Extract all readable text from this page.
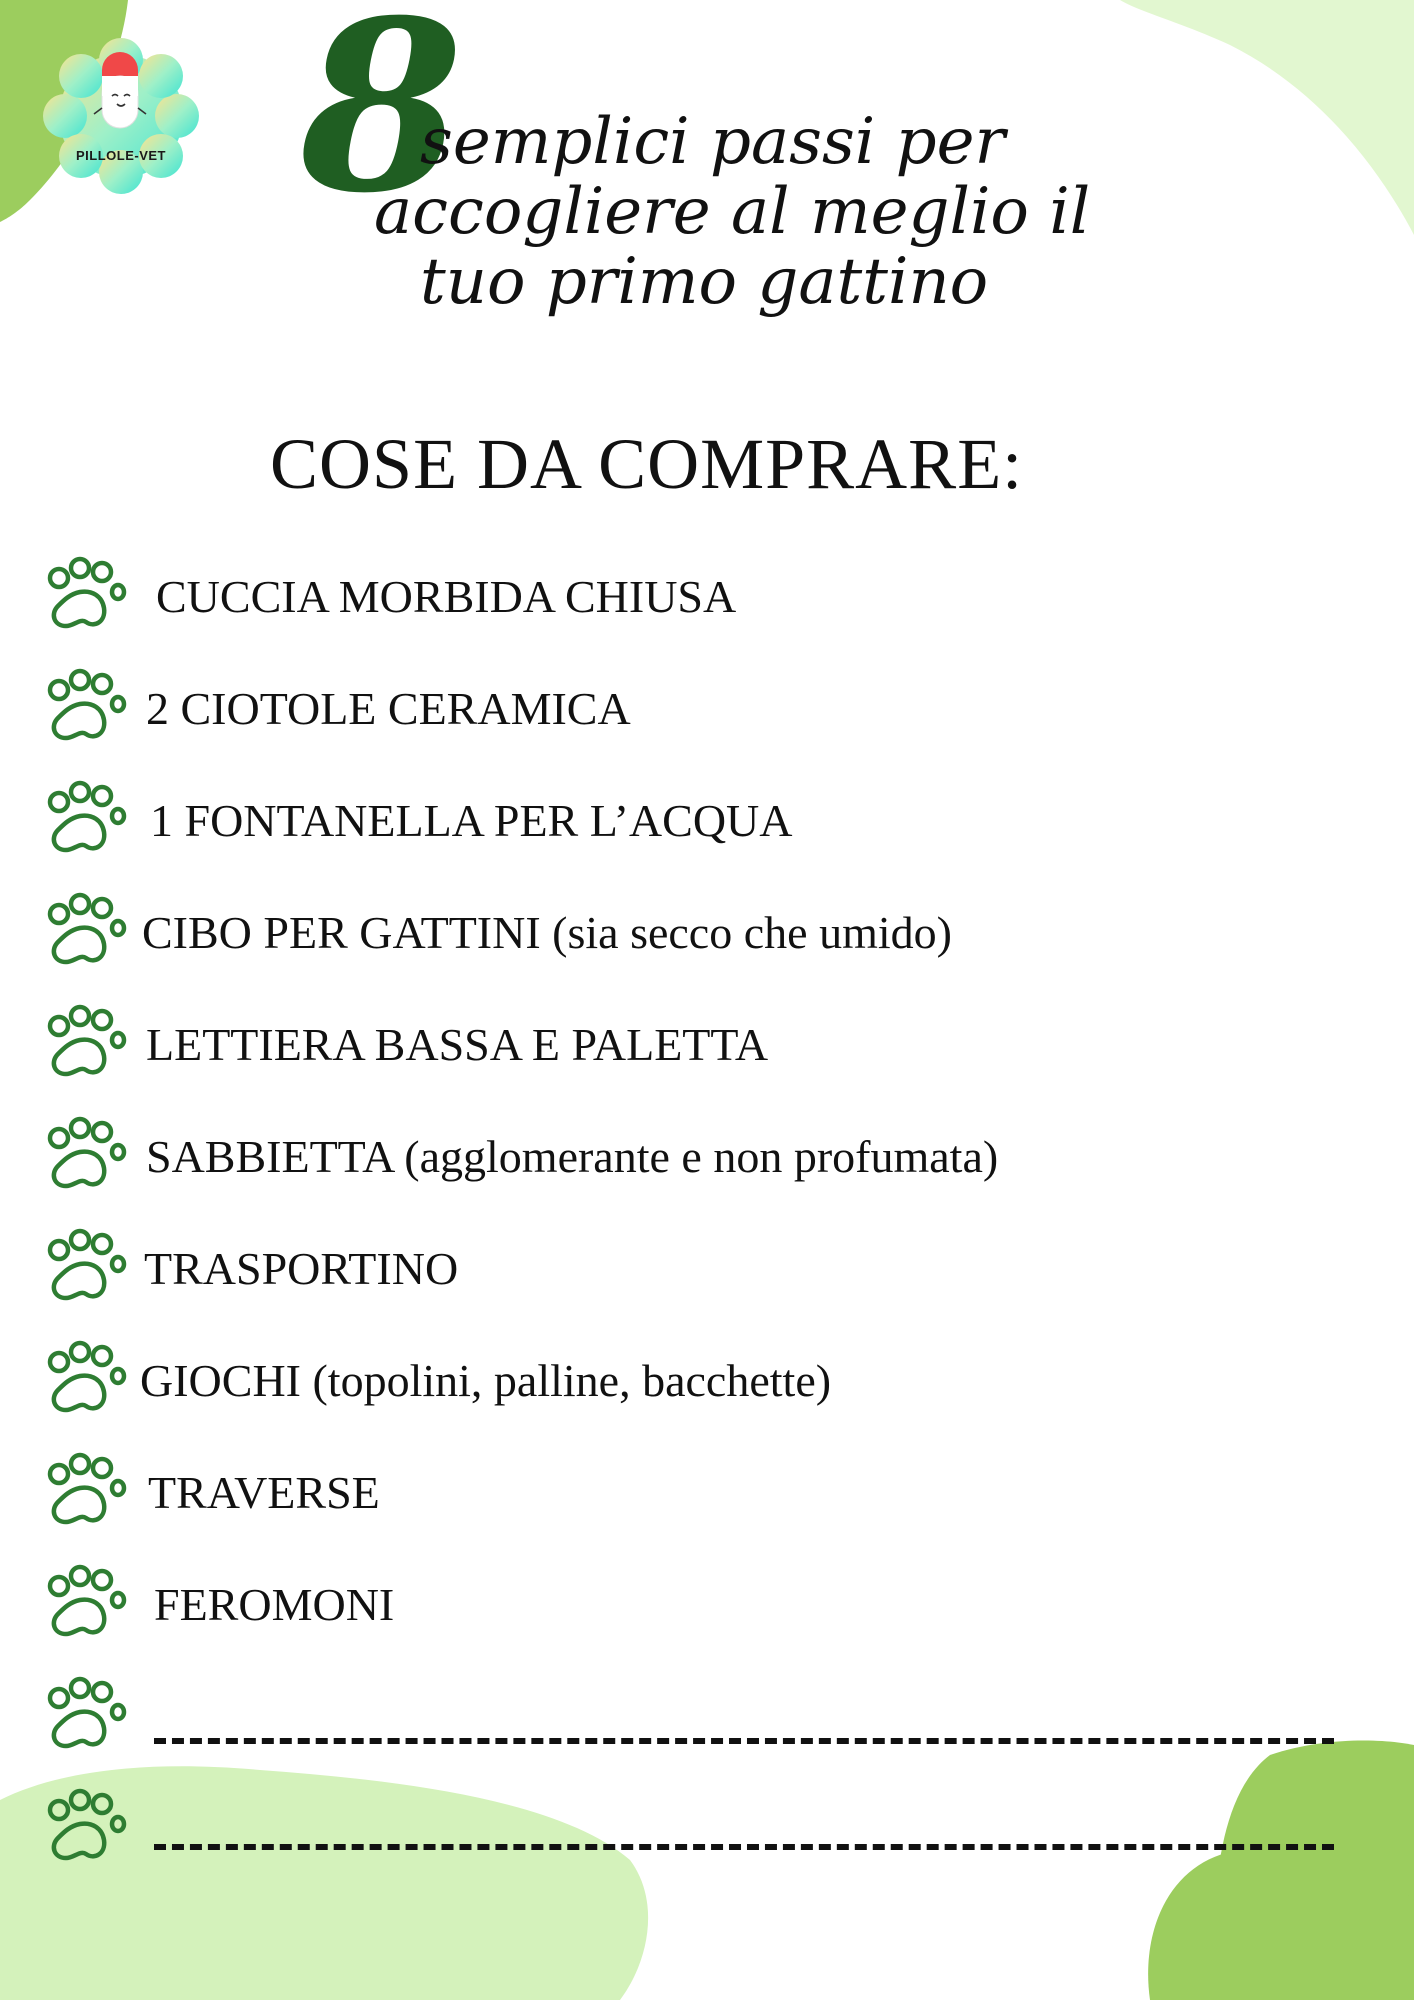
PILLOLE-VET 8
semplici passi per
accogliere al meglio il
tuo primo gattino
COSE DA COMPRARE:
CUCCIA MORBIDA CHIUSA
2 CIOTOLE CERAMICA
1 FONTANELLA PER L’ACQUA
CIBO PER GATTINI (sia secco che umido)
LETTIERA BASSA E PALETTA
SABBIETTA (agglomerante e non profumata)
TRASPORTINO
GIOCHI (topolini, palline, bacchette)
TRAVERSE
FEROMONI
